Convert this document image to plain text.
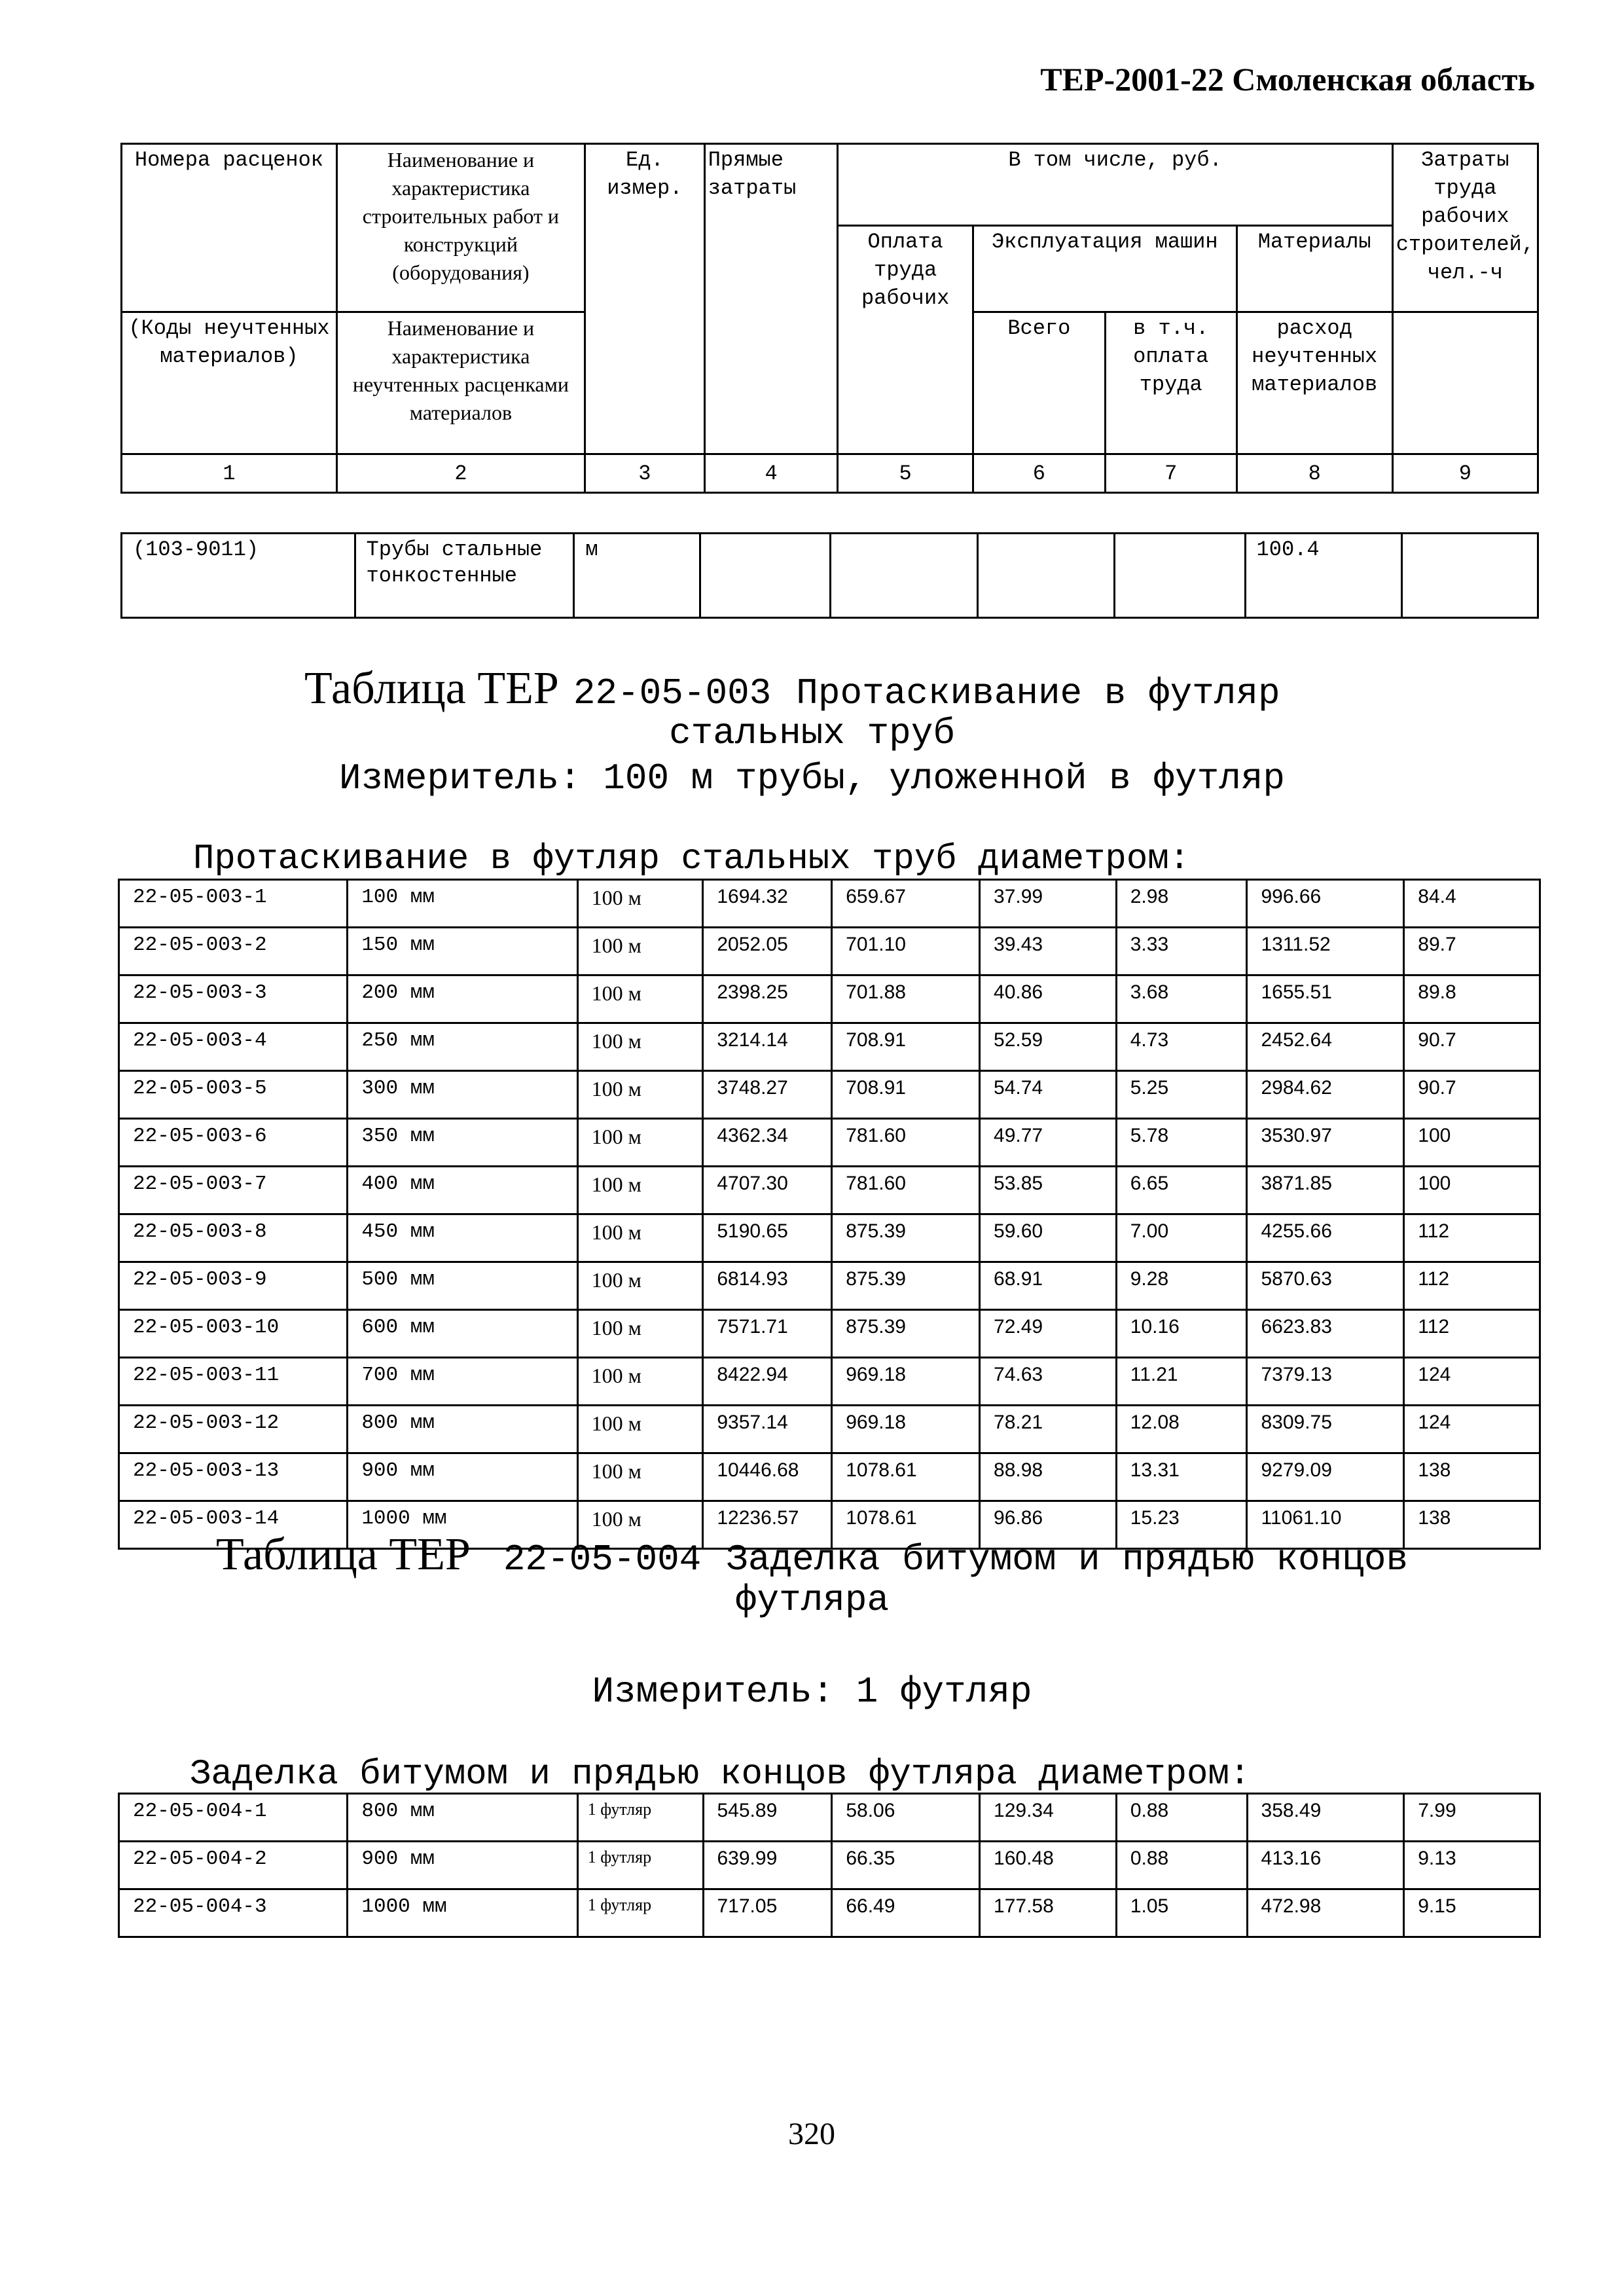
ТЕР-2001-22 Смоленская область
Номера расценок	Наименование и характеристика строительных работ и конструкций (оборудования)	Ед. измер.	Прямые затраты	В том числе, руб.				Затраты труда рабочих строителей, чел.-ч
				Оплата труда рабочих	Эксплуатация машин		Материалы	
(Коды неучтенных материалов)	Наименование и характеристика неучтенных расценками материалов				Всего	в т.ч. оплата труда	расход неучтенных материалов	
1	2	3	4	5	6	7	8	9
(103-9011)	Трубы стальные тонкостенные	м					100.4	
Таблица ТЕР 22-05-003 Протаскивание в футляр
стальных труб
Измеритель: 100 м трубы, уложенной в футляр
Протаскивание в футляр стальных труб диаметром:
22-05-003-1	100 мм	100 м	1694.32	659.67	37.99	2.98	996.66	84.4
22-05-003-2	150 мм	100 м	2052.05	701.10	39.43	3.33	1311.52	89.7
22-05-003-3	200 мм	100 м	2398.25	701.88	40.86	3.68	1655.51	89.8
22-05-003-4	250 мм	100 м	3214.14	708.91	52.59	4.73	2452.64	90.7
22-05-003-5	300 мм	100 м	3748.27	708.91	54.74	5.25	2984.62	90.7
22-05-003-6	350 мм	100 м	4362.34	781.60	49.77	5.78	3530.97	100
22-05-003-7	400 мм	100 м	4707.30	781.60	53.85	6.65	3871.85	100
22-05-003-8	450 мм	100 м	5190.65	875.39	59.60	7.00	4255.66	112
22-05-003-9	500 мм	100 м	6814.93	875.39	68.91	9.28	5870.63	112
22-05-003-10	600 мм	100 м	7571.71	875.39	72.49	10.16	6623.83	112
22-05-003-11	700 мм	100 м	8422.94	969.18	74.63	11.21	7379.13	124
22-05-003-12	800 мм	100 м	9357.14	969.18	78.21	12.08	8309.75	124
22-05-003-13	900 мм	100 м	10446.68	1078.61	88.98	13.31	9279.09	138
22-05-003-14	1000 мм	100 м	12236.57	1078.61	96.86	15.23	11061.10	138
Таблица ТЕР 22-05-004 Заделка битумом и прядью концов
футляра
Измеритель: 1 футляр
Заделка битумом и прядью концов футляра диаметром:
22-05-004-1	800 мм	1 футляр	545.89	58.06	129.34	0.88	358.49	7.99
22-05-004-2	900 мм	1 футляр	639.99	66.35	160.48	0.88	413.16	9.13
22-05-004-3	1000 мм	1 футляр	717.05	66.49	177.58	1.05	472.98	9.15
320
